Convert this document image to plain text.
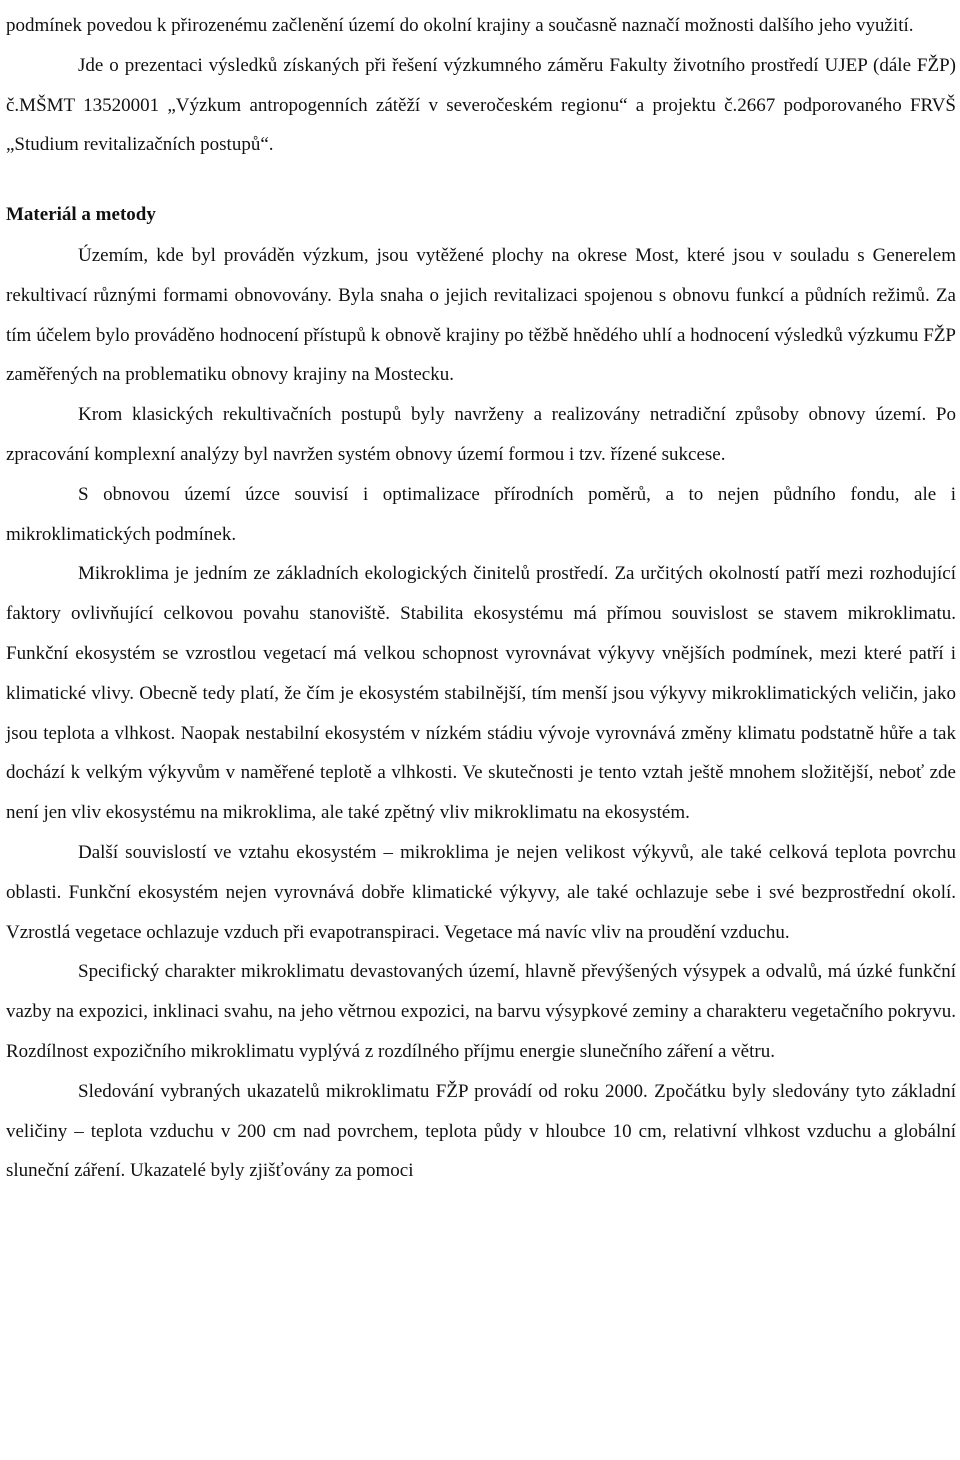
podmínek povedou k přirozenému začlenění území do okolní krajiny a současně naznačí možnosti dalšího jeho využití.

Jde o prezentaci výsledků získaných při řešení výzkumného záměru Fakulty životního prostředí UJEP (dále FŽP) č.MŠMT 13520001 „Výzkum antropogenních zátěží v severočeském regionu“ a projektu č.2667 podporovaného FRVŠ „Studium revitalizačních postupů“.

Materiál a metody

Územím, kde byl prováděn výzkum, jsou vytěžené plochy na okrese Most, které jsou v souladu s Generelem rekultivací různými formami obnovovány. Byla snaha o jejich revitalizaci spojenou s obnovu funkcí a půdních režimů. Za tím účelem bylo prováděno hodnocení přístupů k obnově krajiny po těžbě hnědého uhlí a hodnocení výsledků výzkumu FŽP zaměřených na problematiku obnovy krajiny na Mostecku.

Krom klasických rekultivačních postupů byly navrženy a realizovány netradiční způsoby obnovy území. Po zpracování komplexní analýzy byl navržen systém obnovy území formou i tzv. řízené sukcese.

S obnovou území úzce souvisí i optimalizace přírodních poměrů, a to nejen půdního fondu, ale i mikroklimatických podmínek.

Mikroklima je jedním ze základních ekologických činitelů prostředí. Za určitých okolností patří mezi rozhodující faktory ovlivňující celkovou povahu stanoviště. Stabilita ekosystému má přímou souvislost se stavem mikroklimatu. Funkční ekosystém se vzrostlou vegetací má velkou schopnost vyrovnávat výkyvy vnějších podmínek, mezi které patří i klimatické vlivy. Obecně tedy platí, že čím je ekosystém stabilnější, tím menší jsou výkyvy mikroklimatických veličin, jako jsou teplota a vlhkost. Naopak nestabilní ekosystém v nízkém stádiu vývoje vyrovnává změny klimatu podstatně hůře a tak dochází k velkým výkyvům v naměřené teplotě a vlhkosti. Ve skutečnosti je tento vztah ještě mnohem složitější, neboť zde není jen vliv ekosystému na mikroklima, ale také zpětný vliv mikroklimatu na ekosystém.

Další souvislostí ve vztahu ekosystém – mikroklima je nejen velikost výkyvů, ale také celková teplota povrchu oblasti. Funkční ekosystém nejen vyrovnává dobře klimatické výkyvy, ale také ochlazuje sebe i své bezprostřední okolí. Vzrostlá vegetace ochlazuje vzduch při evapotranspiraci. Vegetace má navíc vliv na proudění vzduchu.

Specifický charakter mikroklimatu devastovaných území, hlavně převýšených výsypek a odvalů, má úzké funkční vazby na expozici, inklinaci svahu, na jeho větrnou expozici, na barvu výsypkové zeminy a charakteru vegetačního pokryvu. Rozdílnost expozičního mikroklimatu vyplývá z rozdílného příjmu energie slunečního záření a větru.

Sledování vybraných ukazatelů mikroklimatu FŽP provádí od roku 2000. Zpočátku byly sledovány tyto základní veličiny – teplota vzduchu v 200 cm nad povrchem, teplota půdy v hloubce 10 cm, relativní vlhkost vzduchu a globální sluneční záření. Ukazatelé byly zjišťovány za pomoci
